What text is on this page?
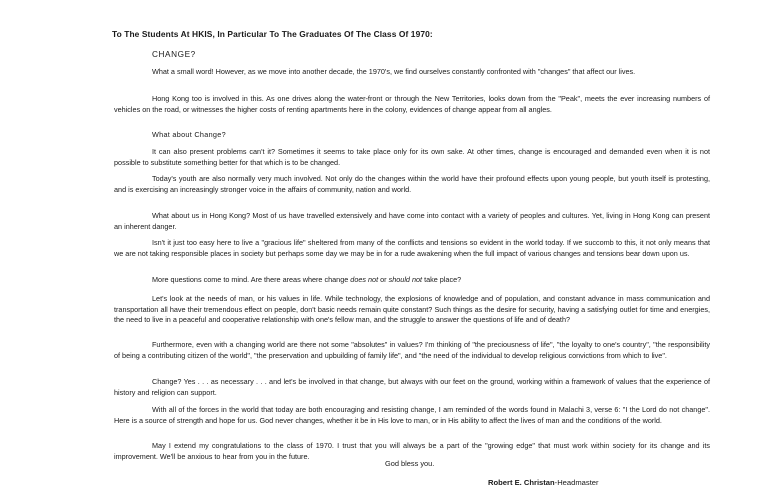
To The Students At HKIS, In Particular To The Graduates Of The Class Of 1970:
CHANGE?

What a small word! However, as we move into another decade, the 1970's, we find ourselves constantly confronted with "changes" that affect our lives.

Hong Kong too is involved in this. As one drives along the water-front or through the New Territories, looks down from the "Peak", meets the ever increasing numbers of vehicles on the road, or witnesses the higher costs of renting apartments here in the colony, evidences of change appear from all angles.

What about Change?

It can also present problems can't it? Sometimes it seems to take place only for its own sake. At other times, change is encouraged and demanded even when it is not possible to substitute something better for that which is to be changed.

Today's youth are also normally very much involved. Not only do the changes within the world have their profound effects upon young people, but youth itself is protesting, and is exercising an increasingly stronger voice in the affairs of community, nation and world.

What about us in Hong Kong? Most of us have travelled extensively and have come into contact with a variety of peoples and cultures. Yet, living in Hong Kong can present an inherent danger.

Isn't it just too easy here to live a "gracious life" sheltered from many of the conflicts and tensions so evident in the world today. If we succomb to this, it not only means that we are not taking responsible places in society but perhaps some day we may be in for a rude awakening when the full impact of various changes and tensions bear down upon us.

More questions come to mind. Are there areas where change does not or should not take place?

Let's look at the needs of man, or his values in life. While technology, the explosions of knowledge and of population, and constant advance in mass communication and transportation all have their tremendous effect on people, don't basic needs remain quite constant? Such things as the desire for security, having a satisfying outlet for time and energies, the need to live in a peaceful and cooperative relationship with one's fellow man, and the struggle to answer the questions of life and of death?

Furthermore, even with a changing world are there not some "absolutes" in values? I'm thinking of "the preciousness of life", "the loyalty to one's country", "the responsibility of being a contributing citizen of the world", "the preservation and upbuilding of family life", and "the need of the individual to develop religious convictions from which to live".

Change? Yes . . . as necessary . . . and let's be involved in that change, but always with our feet on the ground, working within a framework of values that the experience of history and religion can support.

With all of the forces in the world that today are both encouraging and resisting change, I am reminded of the words found in Malachi 3, verse 6: "I the Lord do not change". Here is a source of strength and hope for us. God never changes, whether it be in His love to man, or in His ability to affect the lives of man and the conditions of the world.

May I extend my congratulations to the class of 1970. I trust that you will always be a part of the "growing edge" that must work within society for its change and its improvement. We'll be anxious to hear from you in the future.

God bless you.
Robert E. Christan-Headmaster
